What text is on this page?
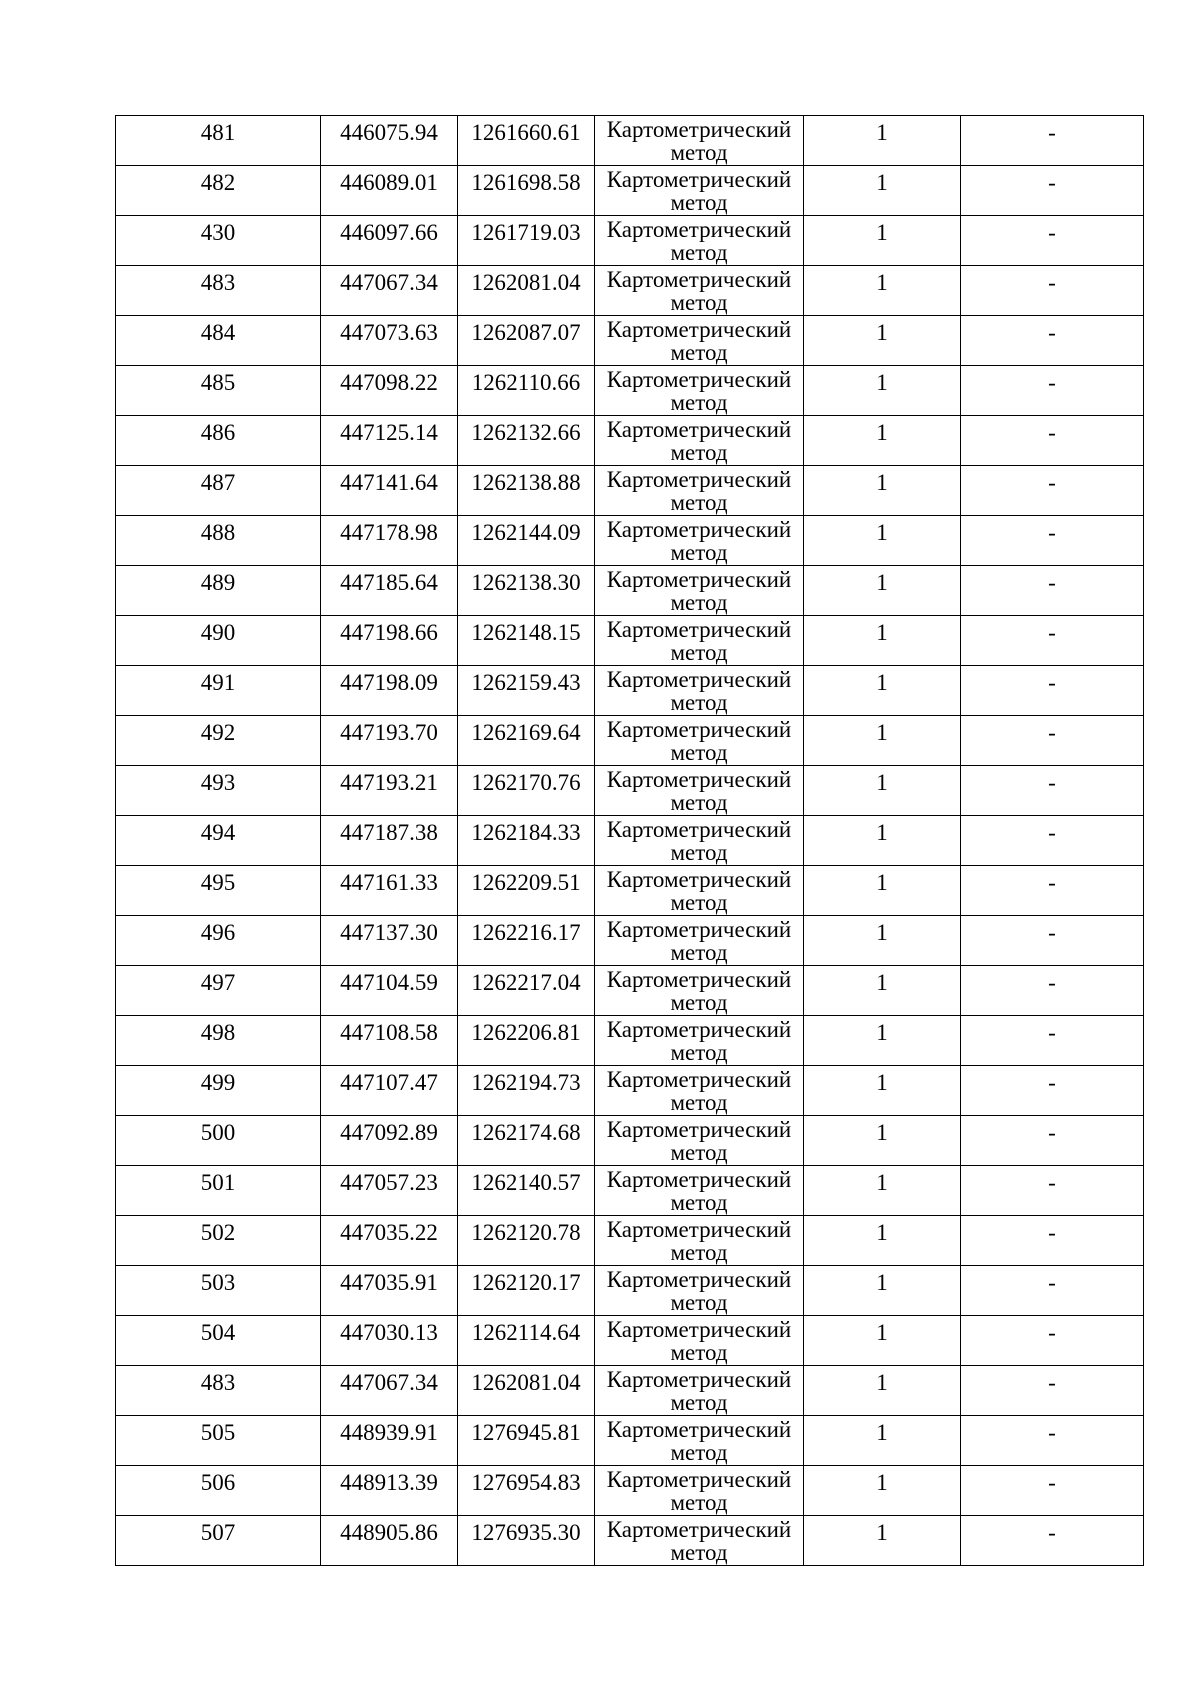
481	446075.94	1261660.61	Картометрический
метод	1	-

482	446089.01	1261698.58	Картометрический
метод	1	-

430	446097.66	1261719.03	Картометрический
метод	1	-

483	447067.34	1262081.04	Картометрический
метод	1	-

484	447073.63	1262087.07	Картометрический
метод	1	-

485	447098.22	1262110.66	Картометрический
метод	1	-

486	447125.14	1262132.66	Картометрический
метод	1	-

487	447141.64	1262138.88	Картометрический
метод	1	-

488	447178.98	1262144.09	Картометрический
метод	1	-

489	447185.64	1262138.30	Картометрический
метод	1	-

490	447198.66	1262148.15	Картометрический
метод	1	-

491	447198.09	1262159.43	Картометрический
метод	1	-

492	447193.70	1262169.64	Картометрический
метод	1	-

493	447193.21	1262170.76	Картометрический
метод	1	-

494	447187.38	1262184.33	Картометрический
метод	1	-

495	447161.33	1262209.51	Картометрический
метод	1	-

496	447137.30	1262216.17	Картометрический
метод	1	-

497	447104.59	1262217.04	Картометрический
метод	1	-

498	447108.58	1262206.81	Картометрический
метод	1	-

499	447107.47	1262194.73	Картометрический
метод	1	-

500	447092.89	1262174.68	Картометрический
метод	1	-

501	447057.23	1262140.57	Картометрический
метод	1	-

502	447035.22	1262120.78	Картометрический
метод	1	-

503	447035.91	1262120.17	Картометрический
метод	1	-

504	447030.13	1262114.64	Картометрический
метод	1	-

483	447067.34	1262081.04	Картометрический
метод	1	-

505	448939.91	1276945.81	Картометрический
метод	1	-

506	448913.39	1276954.83	Картометрический
метод	1	-

507	448905.86	1276935.30	Картометрический
метод	1	-
